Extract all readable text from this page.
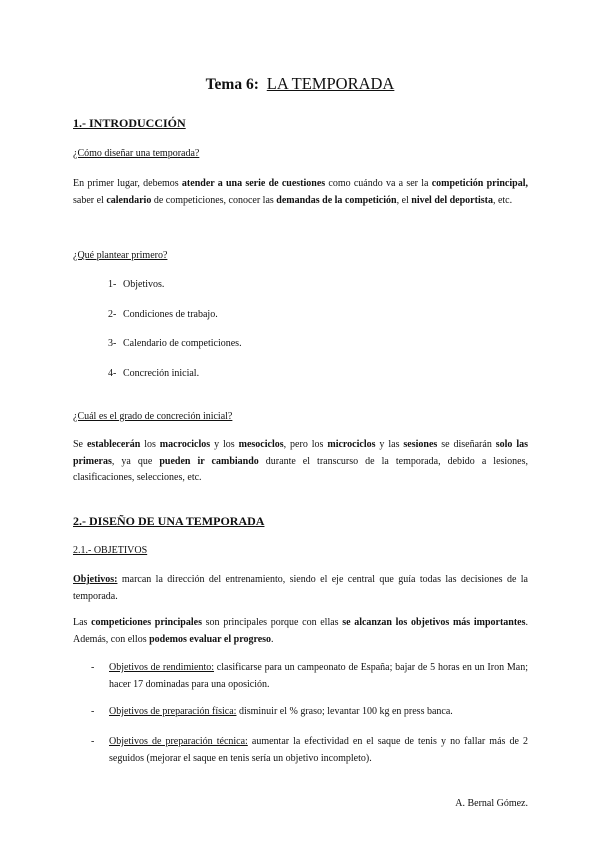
Tema 6: LA TEMPORADA
1.- INTRODUCCIÓN
¿Cómo diseñar una temporada?

En primer lugar, debemos atender a una serie de cuestiones como cuándo va a ser la competición principal, saber el calendario de competiciones, conocer las demandas de la competición, el nivel del deportista, etc.

¿Qué plantear primero?
1- Objetivos.
2- Condiciones de trabajo.
3- Calendario de competiciones.
4- Concreción inicial.
¿Cuál es el grado de concreción inicial?

Se establecerán los macrociclos y los mesociclos, pero los microciclos y las sesiones se diseñarán solo las primeras, ya que pueden ir cambiando durante el transcurso de la temporada, debido a lesiones, clasificaciones, selecciones, etc.

2.- DISEÑO DE UNA TEMPORADA
2.1.- OBJETIVOS

Objetivos: marcan la dirección del entrenamiento, siendo el eje central que guía todas las decisiones de la temporada.

Las competiciones principales son principales porque con ellas se alcanzan los objetivos más importantes. Además, con ellos podemos evaluar el progreso.

- Objetivos de rendimiento: clasificarse para un campeonato de España; bajar de 5 horas en un Iron Man; hacer 17 dominadas para una oposición.
- Objetivos de preparación física: disminuir el % graso; levantar 100 kg en press banca.
- Objetivos de preparación técnica: aumentar la efectividad en el saque de tenis y no fallar más de 2 seguidos (mejorar el saque en tenis sería un objetivo incompleto).
A. Bernal Gómez.
